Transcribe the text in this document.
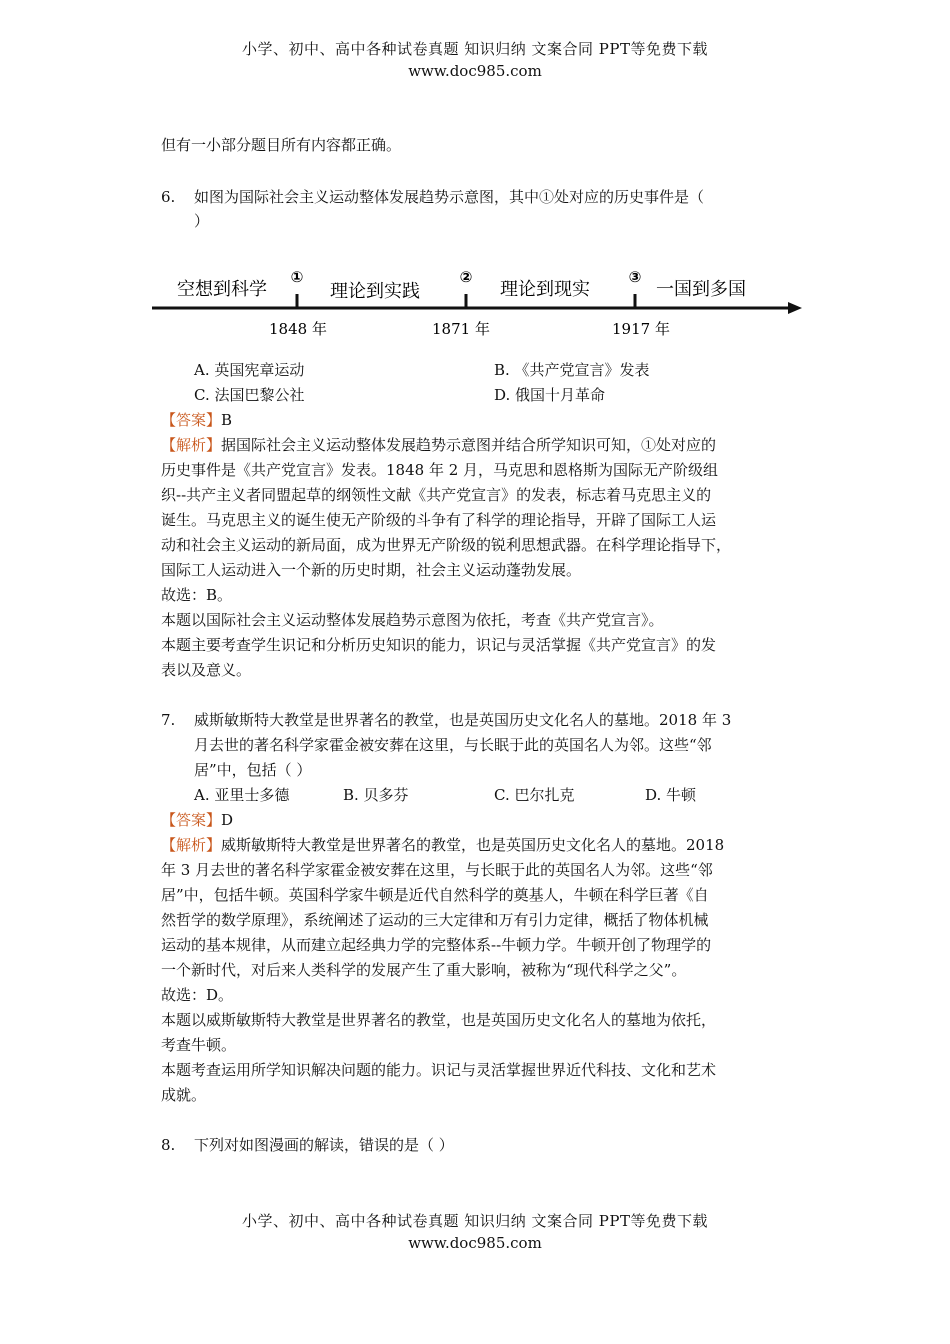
小学、初中、高中各种试卷真题 知识归纳 文案合同 PPT等免费下载
www.doc985.com
但有一小部分题目所有内容都正确。
6. 如图为国际社会主义运动整体发展趋势示意图，其中①处对应的历史事件是（
）
①	②	③
空想到科学	理论到实践	理论到现实	一国到多国
1848 年	1871 年	1917 年
A. 英国宪章运动	B. 《共产党宣言》发表
C. 法国巴黎公社	D. 俄国十月革命
【答案】B
【解析】据国际社会主义运动整体发展趋势示意图并结合所学知识可知，①处对应的
历史事件是《共产党宣言》发表。1848 年 2 月，马克思和恩格斯为国际无产阶级组
织--共产主义者同盟起草的纲领性文献《共产党宣言》的发表，标志着马克思主义的
诞生。马克思主义的诞生使无产阶级的斗争有了科学的理论指导，开辟了国际工人运
动和社会主义运动的新局面，成为世界无产阶级的锐利思想武器。在科学理论指导下，
国际工人运动进入一个新的历史时期，社会主义运动蓬勃发展。
故选：B。
本题以国际社会主义运动整体发展趋势示意图为依托，考查《共产党宣言》。
本题主要考查学生识记和分析历史知识的能力，识记与灵活掌握《共产党宣言》的发
表以及意义。
7. 威斯敏斯特大教堂是世界著名的教堂，也是英国历史文化名人的墓地。2018 年 3
月去世的著名科学家霍金被安葬在这里，与长眠于此的英国名人为邻。这些“邻
居”中，包括（ ）
A. 亚里士多德	B. 贝多芬	C. 巴尔扎克	D. 牛顿
【答案】D
【解析】威斯敏斯特大教堂是世界著名的教堂，也是英国历史文化名人的墓地。2018
年 3 月去世的著名科学家霍金被安葬在这里，与长眠于此的英国名人为邻。这些“邻
居”中，包括牛顿。英国科学家牛顿是近代自然科学的奠基人，牛顿在科学巨著《自
然哲学的数学原理》，系统阐述了运动的三大定律和万有引力定律，概括了物体机械
运动的基本规律，从而建立起经典力学的完整体系--牛顿力学。牛顿开创了物理学的
一个新时代，对后来人类科学的发展产生了重大影响，被称为“现代科学之父”。
故选：D。
本题以威斯敏斯特大教堂是世界著名的教堂，也是英国历史文化名人的墓地为依托，
考查牛顿。
本题考查运用所学知识解决问题的能力。识记与灵活掌握世界近代科技、文化和艺术
成就。
8. 下列对如图漫画的解读，错误的是（ ）
小学、初中、高中各种试卷真题 知识归纳 文案合同 PPT等免费下载
www.doc985.com
